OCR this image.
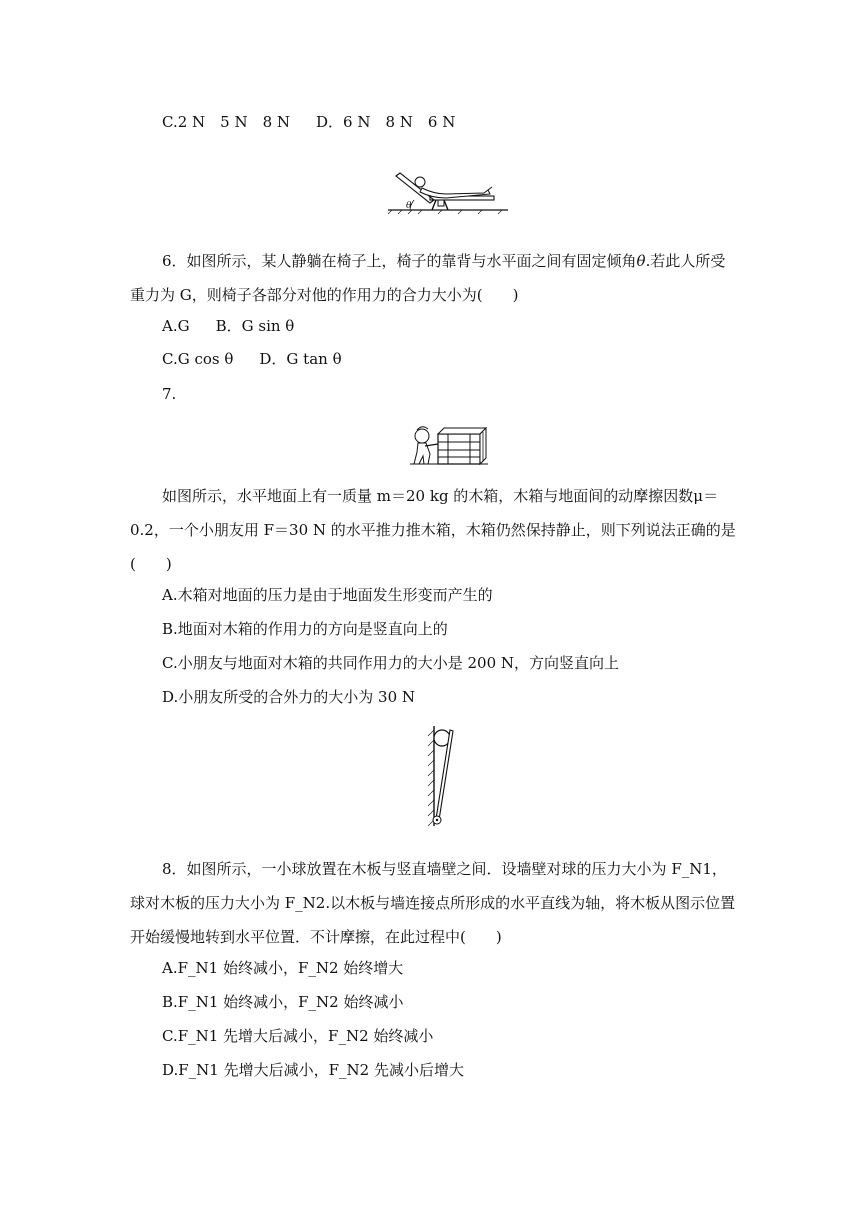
C.2 N 5 N 8 N D．6 N 8 N 6 N
θ
6．如图所示，某人静躺在椅子上，椅子的靠背与水平面之间有固定倾角θ.若此人所受重力为 G，则椅子各部分对他的作用力的合力大小为(　　)
A.G B．G sin θ
C.G cos θ D．G tan θ
7.
如图所示，水平地面上有一质量 m＝20 kg 的木箱，木箱与地面间的动摩擦因数μ＝0.2，一个小朋友用 F＝30 N 的水平推力推木箱，木箱仍然保持静止，则下列说法正确的是(　　)
A.木箱对地面的压力是由于地面发生形变而产生的
B.地面对木箱的作用力的方向是竖直向上的
C.小朋友与地面对木箱的共同作用力的大小是 200 N，方向竖直向上
D.小朋友所受的合外力的大小为 30 N
8．如图所示，一小球放置在木板与竖直墙壁之间．设墙壁对球的压力大小为 F_N1，球对木板的压力大小为 F_N2.以木板与墙连接点所形成的水平直线为轴，将木板从图示位置开始缓慢地转到水平位置．不计摩擦，在此过程中(　　)
A.F_N1 始终减小，F_N2 始终增大
B.F_N1 始终减小，F_N2 始终减小
C.F_N1 先增大后减小，F_N2 始终减小
D.F_N1 先增大后减小，F_N2 先减小后增大
